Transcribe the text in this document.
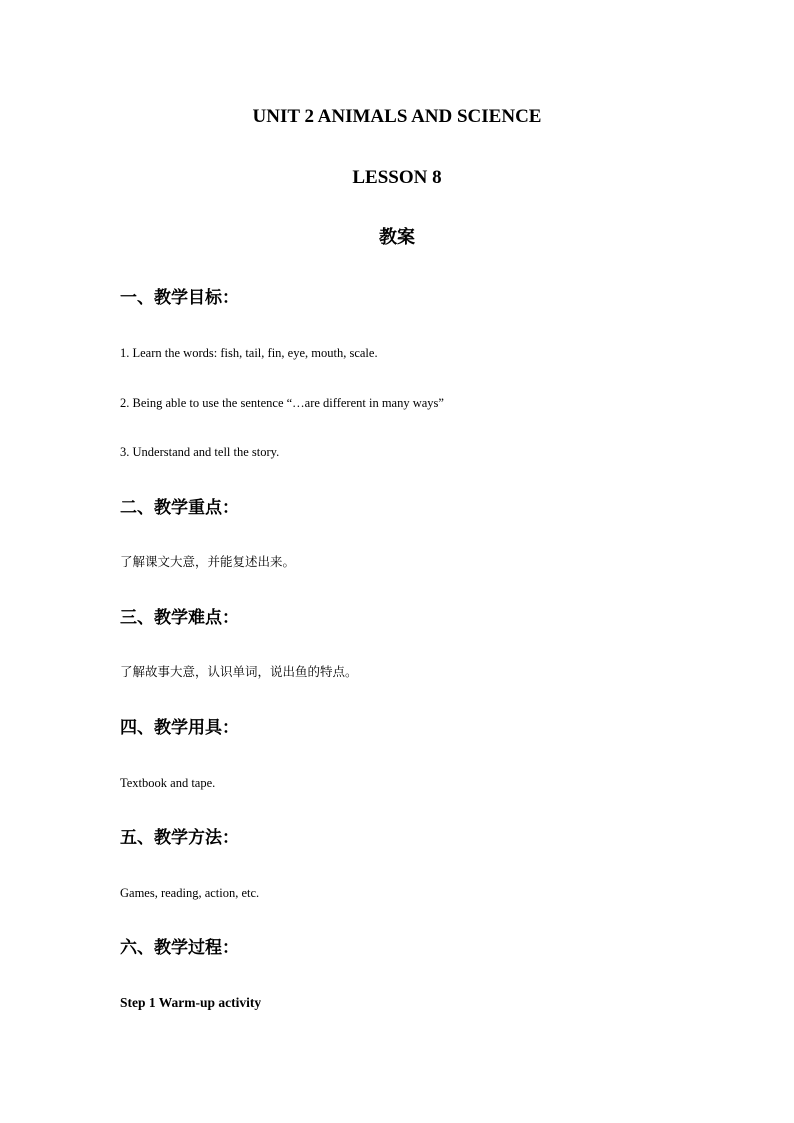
UNIT 2 ANIMALS AND SCIENCE
LESSON 8
教案
一、教学目标：
1. Learn the words: fish, tail, fin, eye, mouth, scale.
2. Being able to use the sentence “…are different in many ways”
3. Understand and tell the story.
二、教学重点：
了解课文大意，并能复述出来。
三、教学难点：
了解故事大意，认识单词，说出鱼的特点。
四、教学用具：
Textbook and tape.
五、教学方法：
Games, reading, action, etc.
六、教学过程：
Step 1 Warm-up activity
